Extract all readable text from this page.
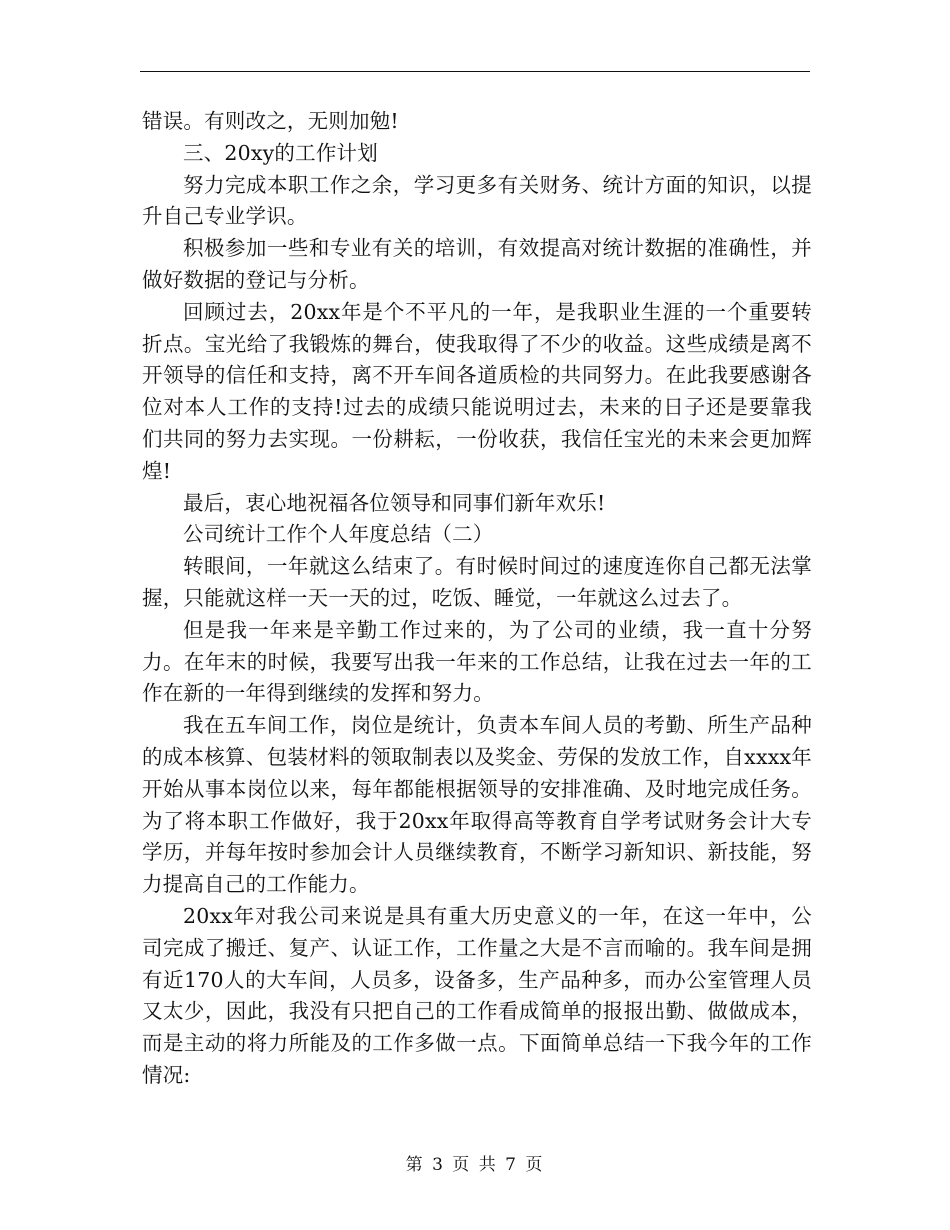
错误。有则改之，无则加勉!

三、20xy的工作计划

努力完成本职工作之余，学习更多有关财务、统计方面的知识，以提升自己专业学识。

积极参加一些和专业有关的培训，有效提高对统计数据的准确性，并做好数据的登记与分析。

回顾过去，20xx年是个不平凡的一年，是我职业生涯的一个重要转折点。宝光给了我锻炼的舞台，使我取得了不少的收益。这些成绩是离不开领导的信任和支持，离不开车间各道质检的共同努力。在此我要感谢各位对本人工作的支持!过去的成绩只能说明过去，未来的日子还是要靠我们共同的努力去实现。一份耕耘，一份收获，我信任宝光的未来会更加辉煌!

最后，衷心地祝福各位领导和同事们新年欢乐!

公司统计工作个人年度总结（二）

转眼间，一年就这么结束了。有时候时间过的速度连你自己都无法掌握，只能就这样一天一天的过，吃饭、睡觉，一年就这么过去了。

但是我一年来是辛勤工作过来的，为了公司的业绩，我一直十分努力。在年末的时候，我要写出我一年来的工作总结，让我在过去一年的工作在新的一年得到继续的发挥和努力。

我在五车间工作，岗位是统计，负责本车间人员的考勤、所生产品种的成本核算、包装材料的领取制表以及奖金、劳保的发放工作，自xxxx年开始从事本岗位以来，每年都能根据领导的安排准确、及时地完成任务。为了将本职工作做好，我于20xx年取得高等教育自学考试财务会计大专学历，并每年按时参加会计人员继续教育，不断学习新知识、新技能，努力提高自己的工作能力。

20xx年对我公司来说是具有重大历史意义的一年，在这一年中，公司完成了搬迁、复产、认证工作，工作量之大是不言而喻的。我车间是拥有近170人的大车间，人员多，设备多，生产品种多，而办公室管理人员又太少，因此，我没有只把自己的工作看成简单的报报出勤、做做成本，而是主动的将力所能及的工作多做一点。下面简单总结一下我今年的工作情况:

第 3 页 共 7 页
